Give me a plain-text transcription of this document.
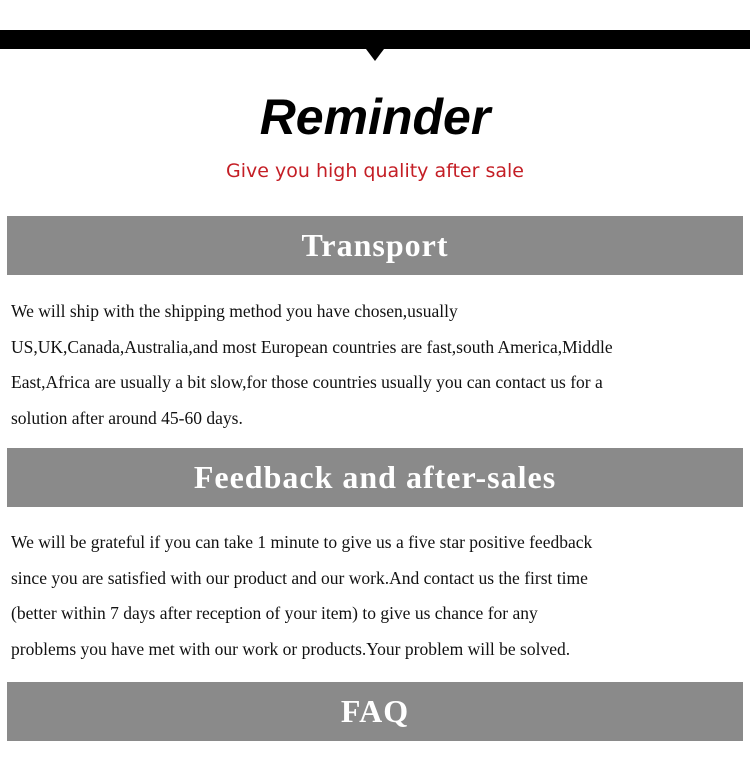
Reminder

Give you high quality after sale

Transport

We will ship with the shipping method you have chosen,usually
US,UK,Canada,Australia,and most European countries are fast,south America,Middle
East,Africa are usually a bit slow,for those countries usually you can contact us for a
solution after around 45-60 days.

Feedback and after-sales

We will be grateful if you can take 1 minute to give us a five star positive feedback
since you are satisfied with our product and our work.And contact us the first time
(better within 7 days after reception of your item) to give us chance for any
problems you have met with our work or products.Your problem will be solved.

FAQ
